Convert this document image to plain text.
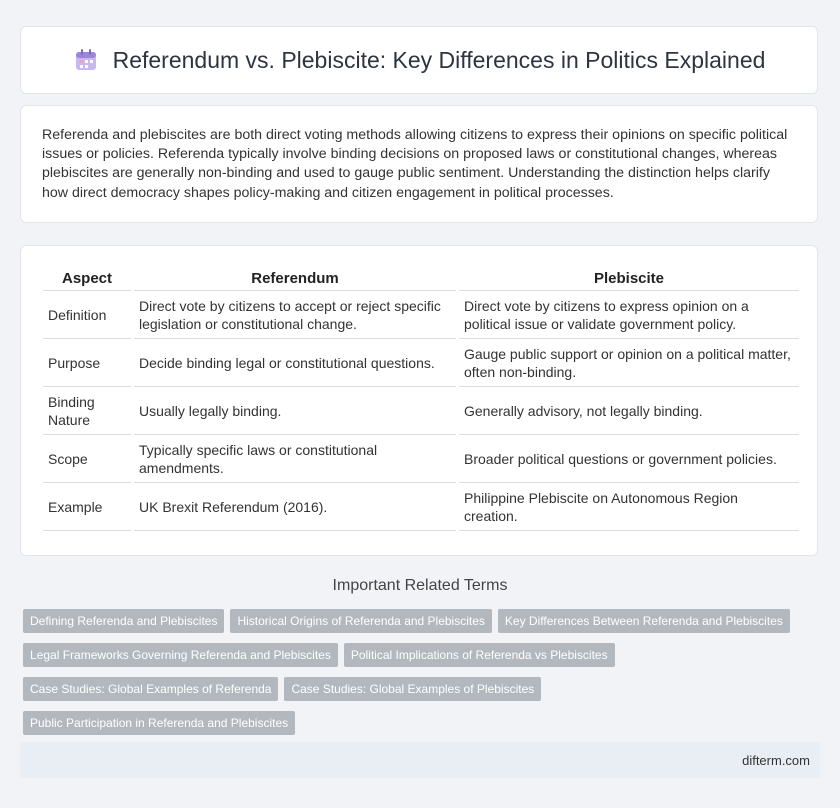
Referendum vs. Plebiscite: Key Differences in Politics Explained
Referenda and plebiscites are both direct voting methods allowing citizens to express their opinions on specific political issues or policies. Referenda typically involve binding decisions on proposed laws or constitutional changes, whereas plebiscites are generally non-binding and used to gauge public sentiment. Understanding the distinction helps clarify how direct democracy shapes policy-making and citizen engagement in political processes.
Aspect	Referendum	Plebiscite
Definition	Direct vote by citizens to accept or reject specific legislation or constitutional change.	Direct vote by citizens to express opinion on a political issue or validate government policy.
Purpose	Decide binding legal or constitutional questions.	Gauge public support or opinion on a political matter, often non-binding.
Binding Nature	Usually legally binding.	Generally advisory, not legally binding.
Scope	Typically specific laws or constitutional amendments.	Broader political questions or government policies.
Example	UK Brexit Referendum (2016).	Philippine Plebiscite on Autonomous Region creation.
Important Related Terms
Defining Referenda and Plebiscites Historical Origins of Referenda and Plebiscites Key Differences Between Referenda and Plebiscites
Legal Frameworks Governing Referenda and Plebiscites Political Implications of Referenda vs Plebiscites
Case Studies: Global Examples of Referenda Case Studies: Global Examples of PlebiscitesPublic Participation in Referenda and Plebiscites

difterm.com
